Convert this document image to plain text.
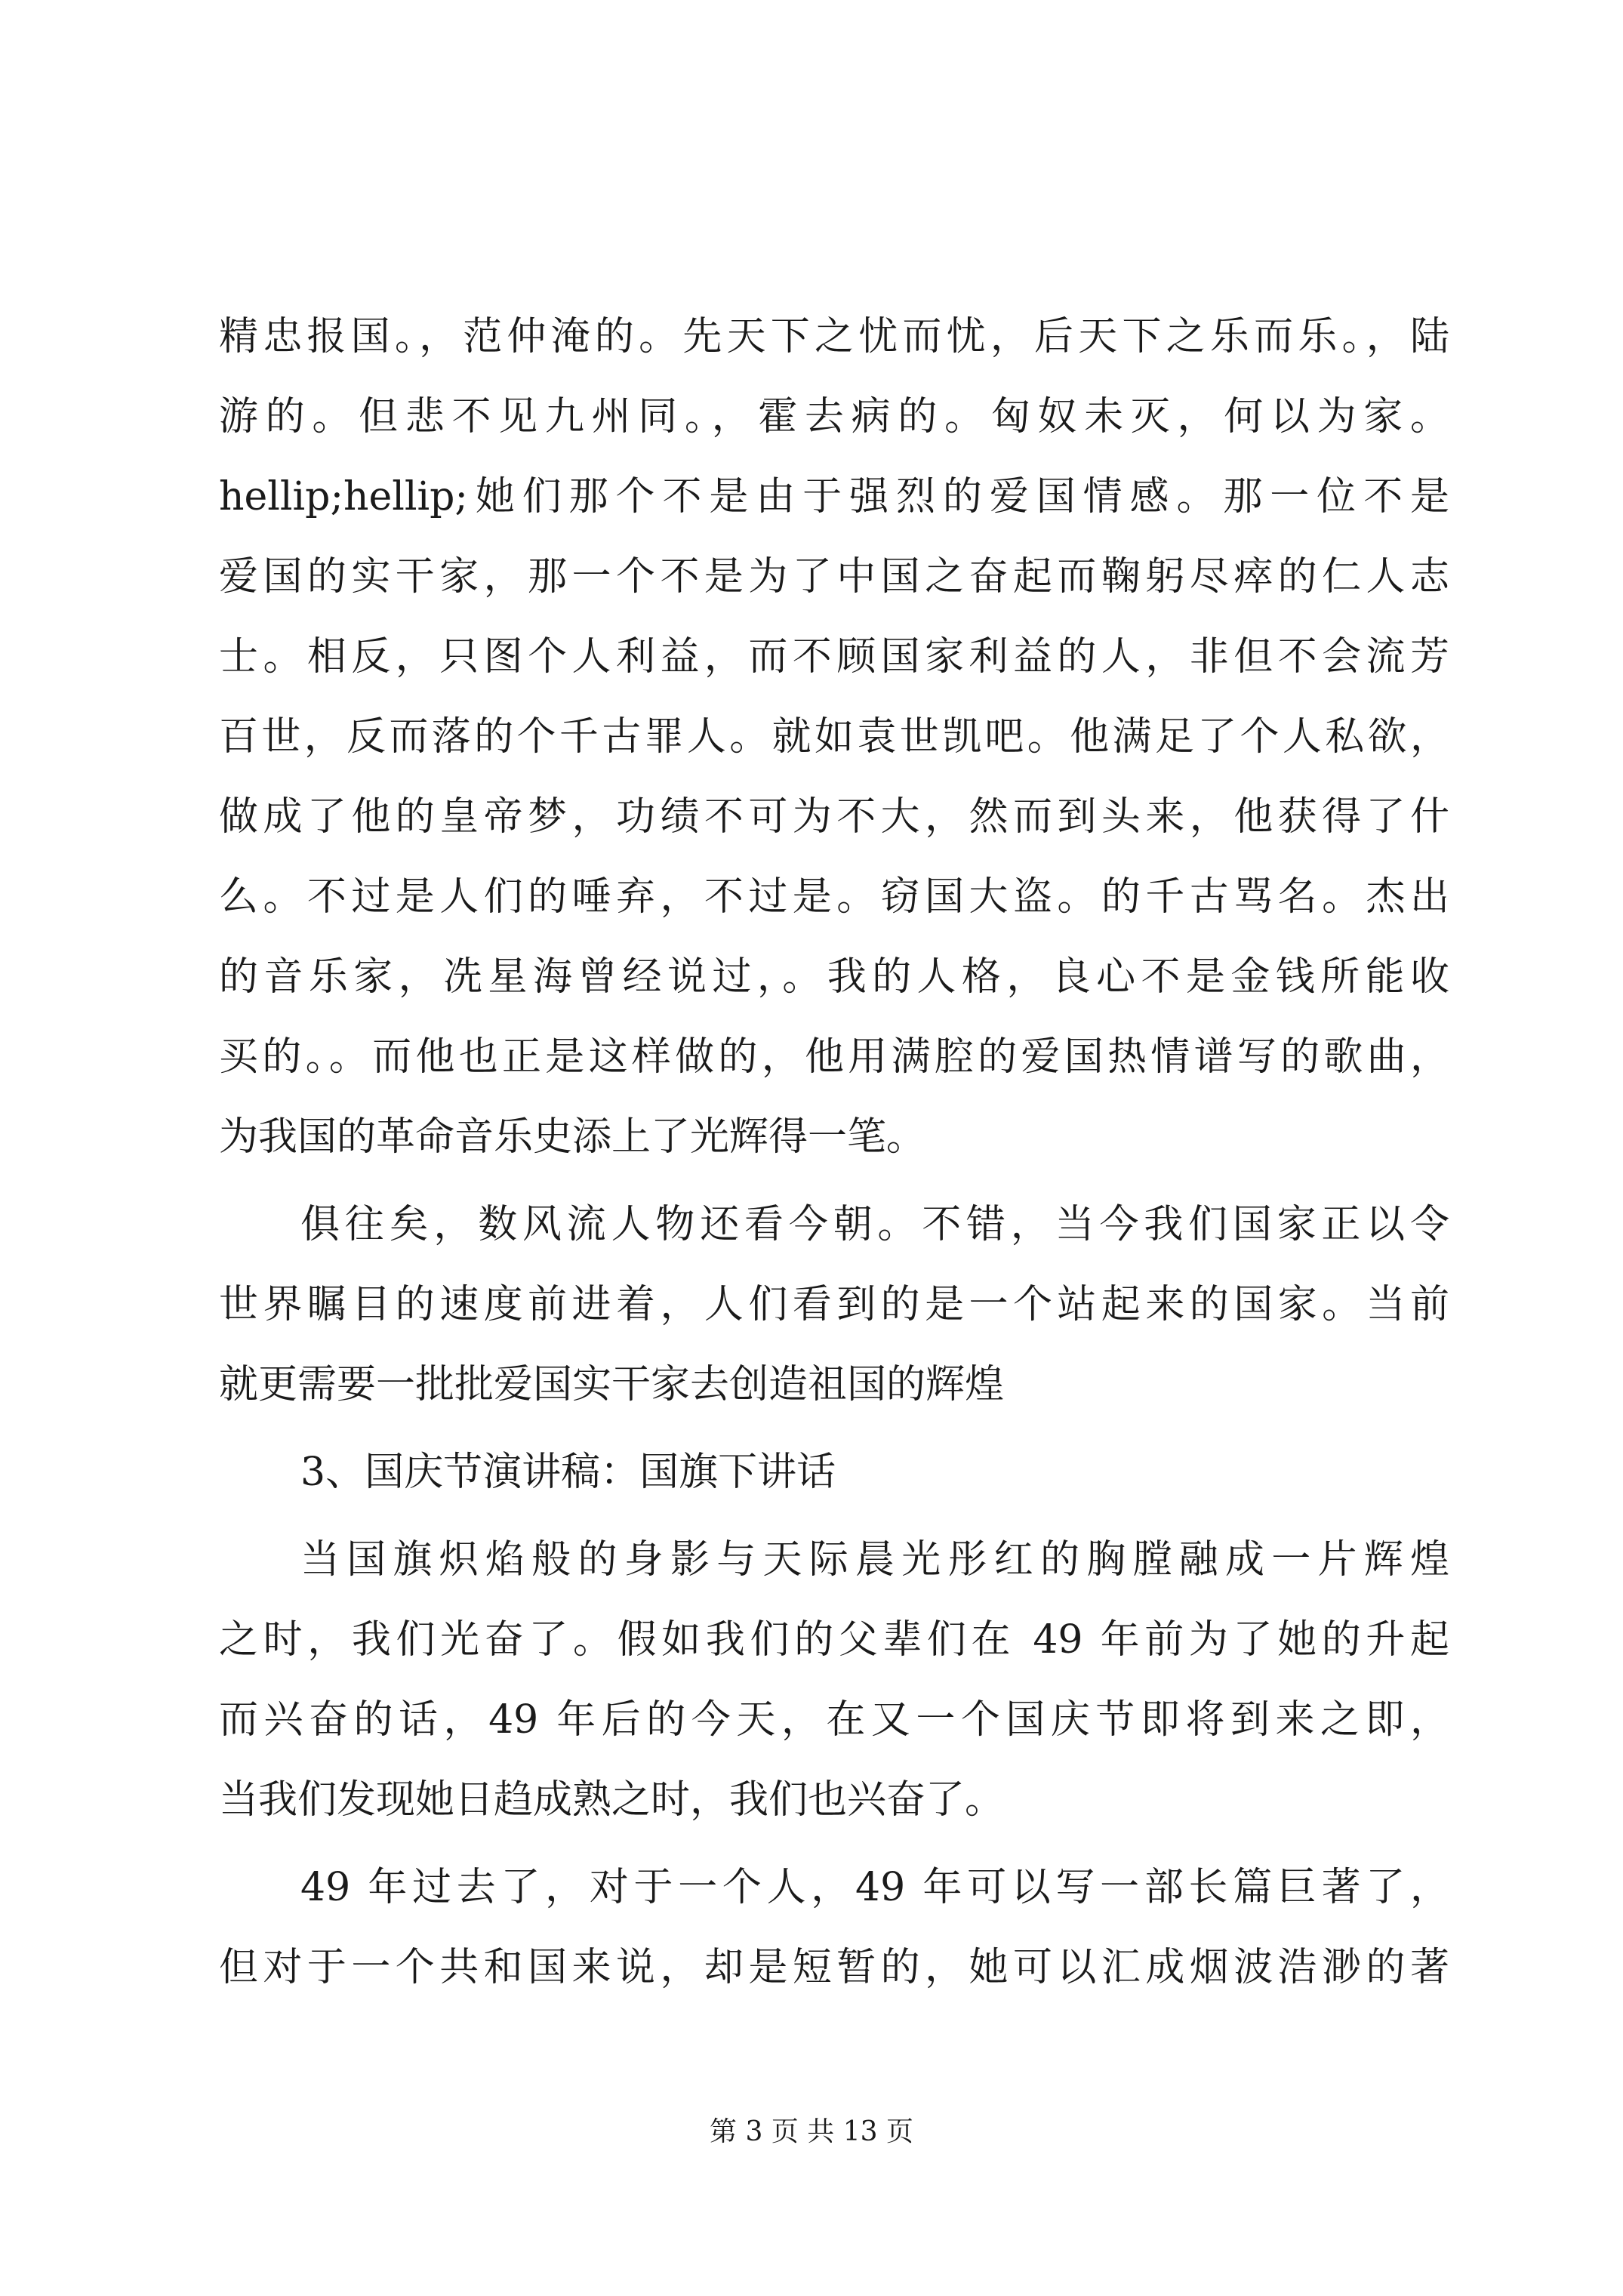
精忠报国。，范仲淹的。先天下之忧而忧，后天下之乐而乐。，陆
游的。但悲不见九州同。，霍去病的。匈奴未灭，何以为家。
hellip;hellip;她们那个不是由于强烈的爱国情感。那一位不是
爱国的实干家，那一个不是为了中国之奋起而鞠躬尽瘁的仁人志
士。相反，只图个人利益，而不顾国家利益的人，非但不会流芳
百世，反而落的个千古罪人。就如袁世凯吧。他满足了个人私欲，
做成了他的皇帝梦，功绩不可为不大，然而到头来，他获得了什
么。不过是人们的唾弃，不过是。窃国大盗。的千古骂名。杰出
的音乐家，冼星海曾经说过，。我的人格，良心不是金钱所能收
买的。。而他也正是这样做的，他用满腔的爱国热情谱写的歌曲，
为我国的革命音乐史添上了光辉得一笔。
俱往矣，数风流人物还看今朝。不错，当今我们国家正以令
世界瞩目的速度前进着，人们看到的是一个站起来的国家。当前
就更需要一批批爱国实干家去创造祖国的辉煌
3、国庆节演讲稿：国旗下讲话
当国旗炽焰般的身影与天际晨光彤红的胸膛融成一片辉煌
之时，我们光奋了。假如我们的父辈们在 49 年前为了她的升起
而兴奋的话，49 年后的今天，在又一个国庆节即将到来之即，
当我们发现她日趋成熟之时，我们也兴奋了。
49 年过去了，对于一个人，49 年可以写一部长篇巨著了，
但对于一个共和国来说，却是短暂的，她可以汇成烟波浩渺的著
第 3 页 共 13 页
